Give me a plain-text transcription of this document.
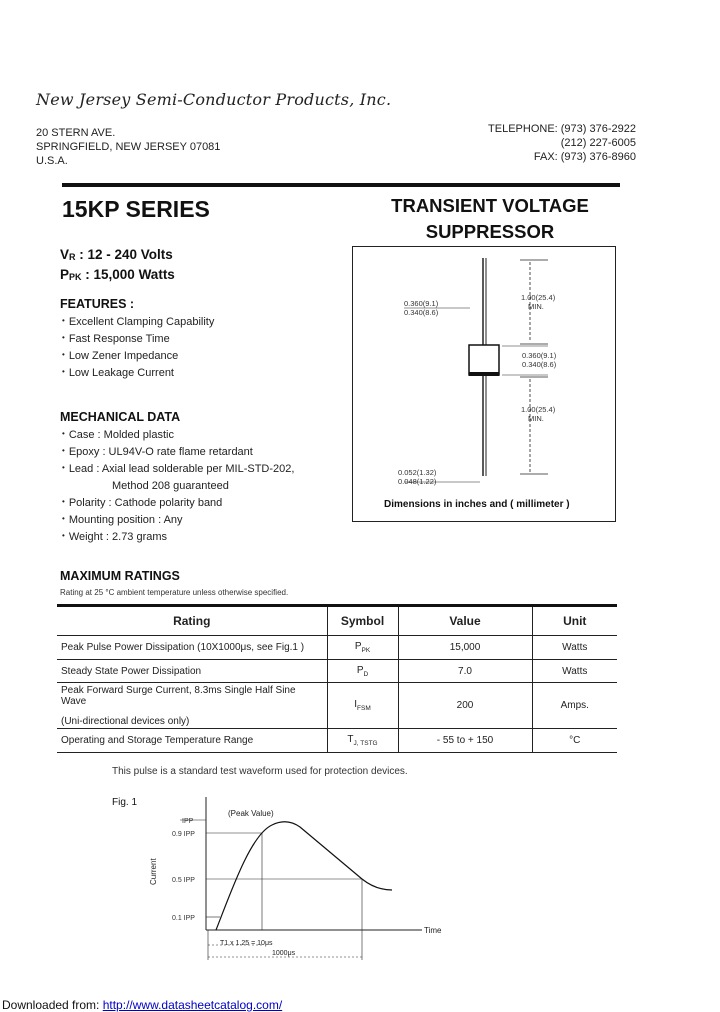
New Jersey Semi-Conductor Products, Inc.
20 STERN AVE.
SPRINGFIELD, NEW JERSEY 07081
U.S.A.
TELEPHONE: (973) 376-2922
(212) 227-6005
FAX: (973) 376-8960
15KP SERIES	TRANSIENT VOLTAGE
SUPPRESSOR
$V_R$ : 12 - 240 Volts
$P_{PK}$ : 15,000 Watts
FEATURES :
• Excellent Clamping Capability
• Fast Response Time
• Low Zener Impedance
• Low Leakage Current
MECHANICAL DATA
• Case : Molded plastic
• Epoxy : UL94V-O rate flame retardant
• Lead : Axial lead solderable per MIL-STD-202,
Method 208 guaranteed
• Polarity : Cathode polarity band
• Mounting position : Any
• Weight : 2.73 grams
1.00(25.4)
MIN.
0.360(9.1)
0.340(8.6)
0.360(9.1)
0.340(8.6)
1.00(25.4)
MIN.
0.052(1.32)
0.048(1.22)
Dimensions in inches and ( millimeter )
MAXIMUM RATINGS
Rating at 25 °C ambient temperature unless otherwise specified.
Rating	Symbol	Value	Unit
Peak Pulse Power Dissipation (10X1000μs, see Fig.1 )	$P_{PK}$	15,000	Watts
Steady State Power Dissipation	$P_D$	7.0	Watts

Peak Forward Surge Current, 8.3ms Single Half Sine Wave
(Uni-directional devices only)	$I_{FSM}$	200	Amps.
Operating and Storage Temperature Range	$T_{J, TSTG}$	- 55 to + 150	°C
This pulse is a standard test waveform used for protection devices.
Fig. 1
IPP
0.9 IPP
0.5 IPP
0.1 IPP
(Peak Value)
Current
Time
T1 x 1.25 = 10μs
1000μs
Downloaded from: http://www.datasheetcatalog.com/
